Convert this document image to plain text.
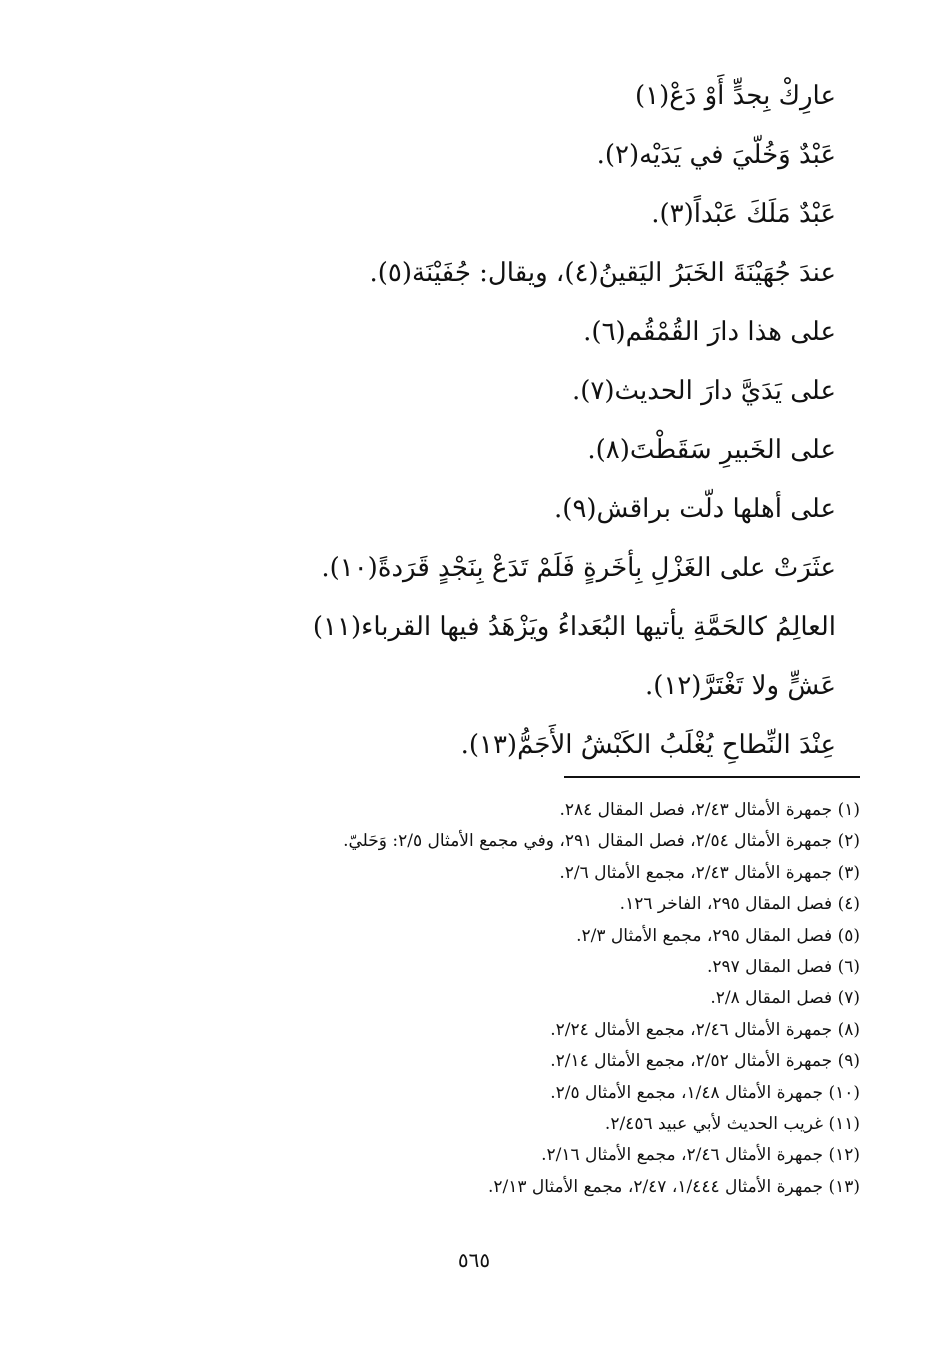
عارِكْ بِجدٍّ أَوْ دَعْ(١)
عَبْدٌ وَخُلّيَ في يَدَيْه(٢).
عَبْدٌ مَلَكَ عَبْداً(٣).
عندَ جُهَيْنَةَ الخَبَرُ اليَقينُ(٤)، ويقال: جُفَيْنَة(٥).
على هذا دارَ القُمْقُم(٦).
على يَدَيَّ دارَ الحديث(٧).
على الخَبيرِ سَقَطْتَ(٨).
على أهلها دلّت براقش(٩).
عثَرَتْ على الغَزْلِ بِأخَرةٍ فَلَمْ تَدَعْ بِنَجْدٍ قَرَدةً(١٠).
العالِمُ كالحَمَّةِ يأتيها البُعَداءُ ويَزْهَدُ فيها القرباء(١١)
عَشٍّ ولا تَغْتَرَّ(١٢).
عِنْدَ النِّطاحِ يُغْلَبُ الكَبْشُ الأَجَمُّ(١٣).
(١) جمهرة الأمثال ٢/٤٣، فصل المقال ٢٨٤.
(٢) جمهرة الأمثال ٢/٥٤، فصل المقال ٢٩١، وفي مجمع الأمثال ٢/٥: وَحَليّ.
(٣) جمهرة الأمثال ٢/٤٣، مجمع الأمثال ٢/٦.
(٤) فصل المقال ٢٩٥، الفاخر ١٢٦.
(٥) فصل المقال ٢٩٥، مجمع الأمثال ٢/٣.
(٦) فصل المقال ٢٩٧.
(٧) فصل المقال ٢/٨.
(٨) جمهرة الأمثال ٢/٤٦، مجمع الأمثال ٢/٢٤.
(٩) جمهرة الأمثال ٢/٥٢، مجمع الأمثال ٢/١٤.
(١٠) جمهرة الأمثال ١/٤٨، مجمع الأمثال ٢/٥.
(١١) غريب الحديث لأبي عبيد ٢/٤٥٦.
(١٢) جمهرة الأمثال ٢/٤٦، مجمع الأمثال ٢/١٦.
(١٣) جمهرة الأمثال ١/٤٤٤، ٢/٤٧، مجمع الأمثال ٢/١٣.
٥٦٥
